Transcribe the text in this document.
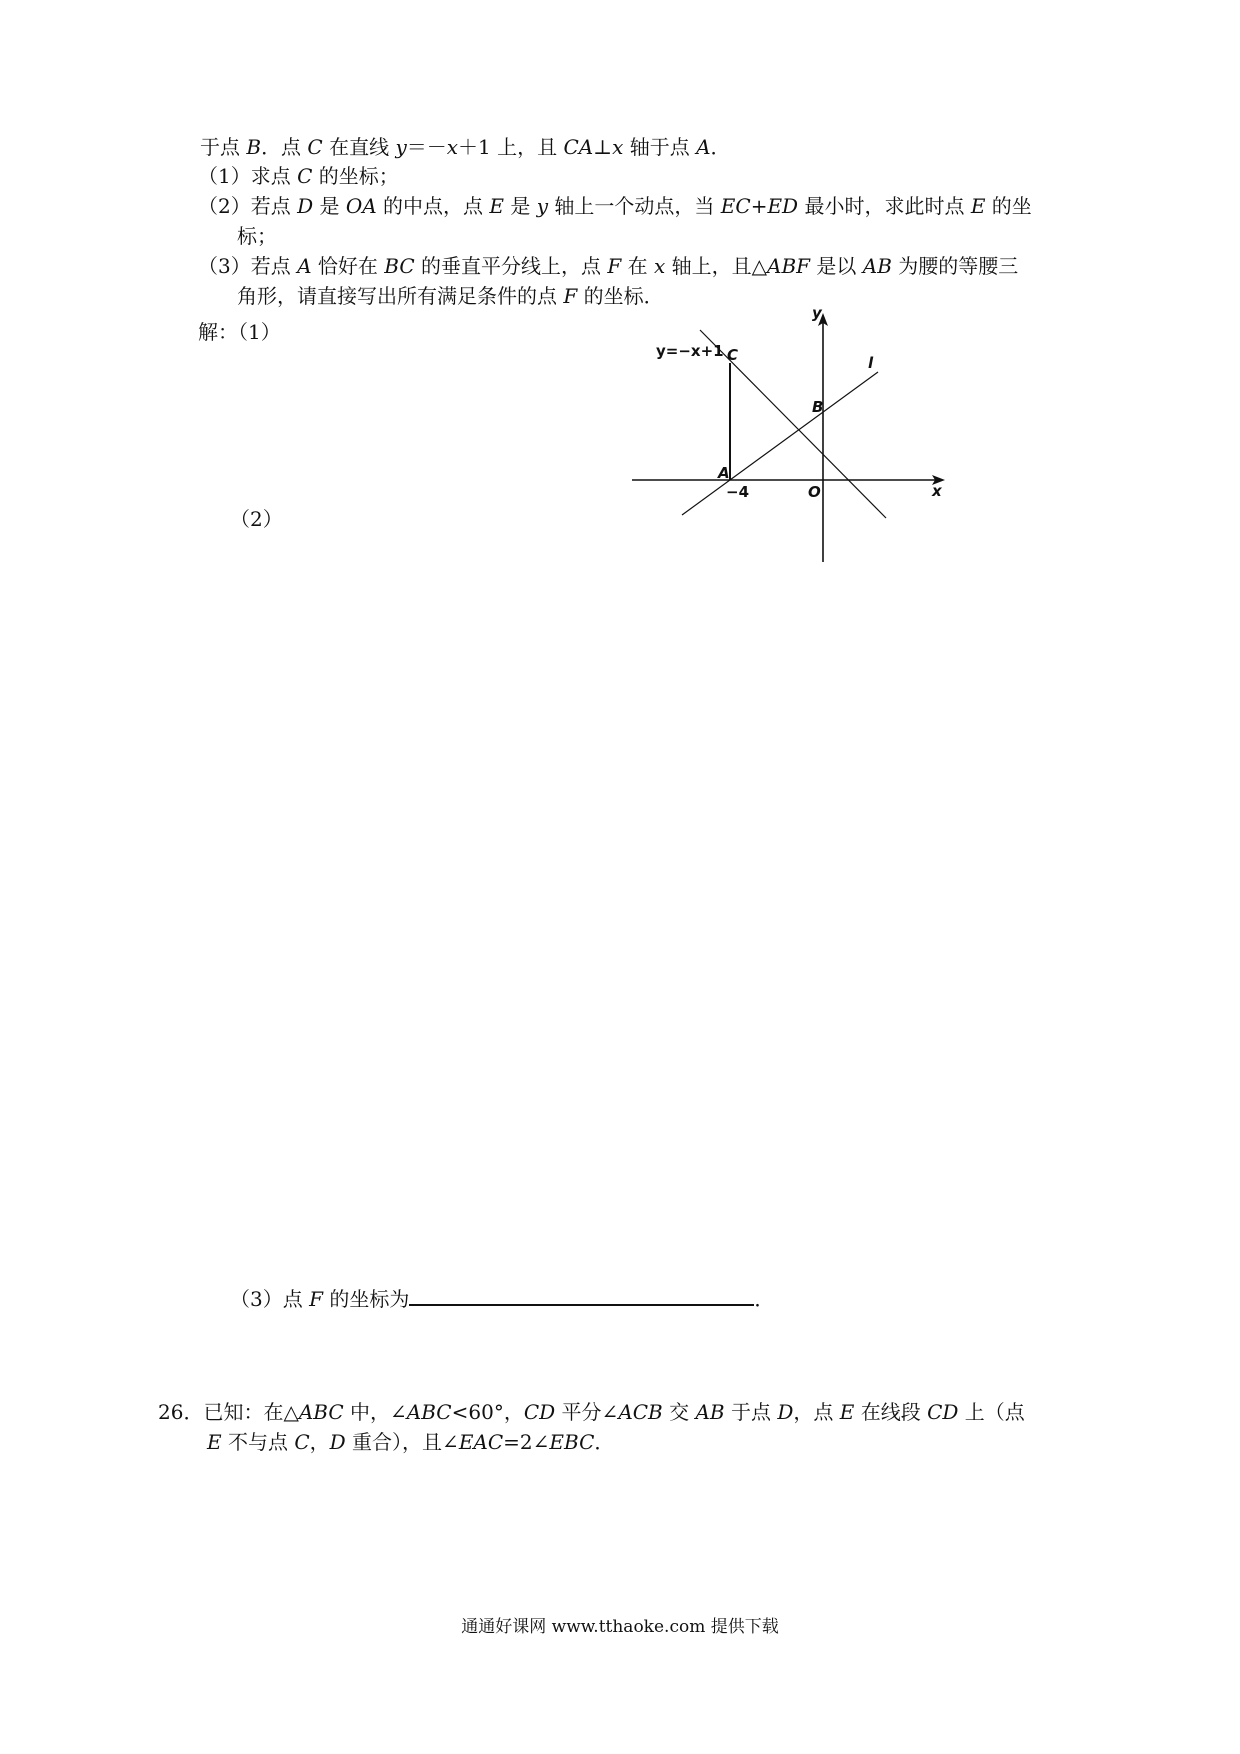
于点 B．点 C 在直线 y＝－x＋1 上，且 CA⊥x 轴于点 A．
（1）求点 C 的坐标；
（2）若点 D 是 OA 的中点，点 E 是 y 轴上一个动点，当 EC+ED 最小时，求此时点 E 的坐
标；
（3）若点 A 恰好在 BC 的垂直平分线上，点 F 在 x 轴上，且△ABF 是以 AB 为腰的等腰三
角形，请直接写出所有满足条件的点 F 的坐标．
解：（1）
（2）
y=−x+1 C	l
B
A
−4	O	x
y
（3）点 F 的坐标为	．
26．已知：在△ABC 中，∠ABC<60°，CD 平分∠ACB 交 AB 于点 D，点 E 在线段 CD 上（点
E 不与点 C，D 重合），且∠EAC=2∠EBC．
通通好课网 www.tthaoke.com 提供下载
